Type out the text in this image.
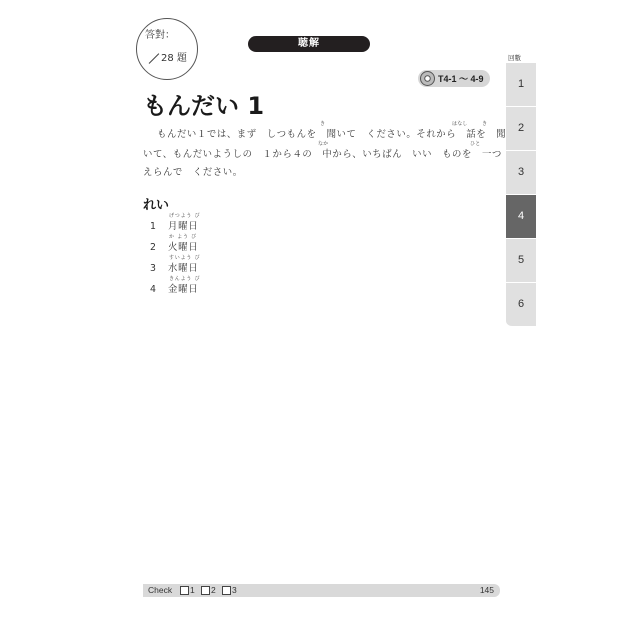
答對：
28 題
聴解
T4-1 ～ 4-9
もんだい 1
き	はなし	き
もんだい１では、まず　しつもんを　聞いて　ください。それから　話を　聞
なか	ひと
いて、もんだいようしの　１から４の　中から、いちばん　いい　ものを　一つ
えらんで　ください。
れい
げつよう び
1 月曜日
か よう び
2 火曜日
すいよう び
3 水曜日
きんよう び
4 金曜日
回數
1
2
3
4
5
6
Check 1 2 3	145
